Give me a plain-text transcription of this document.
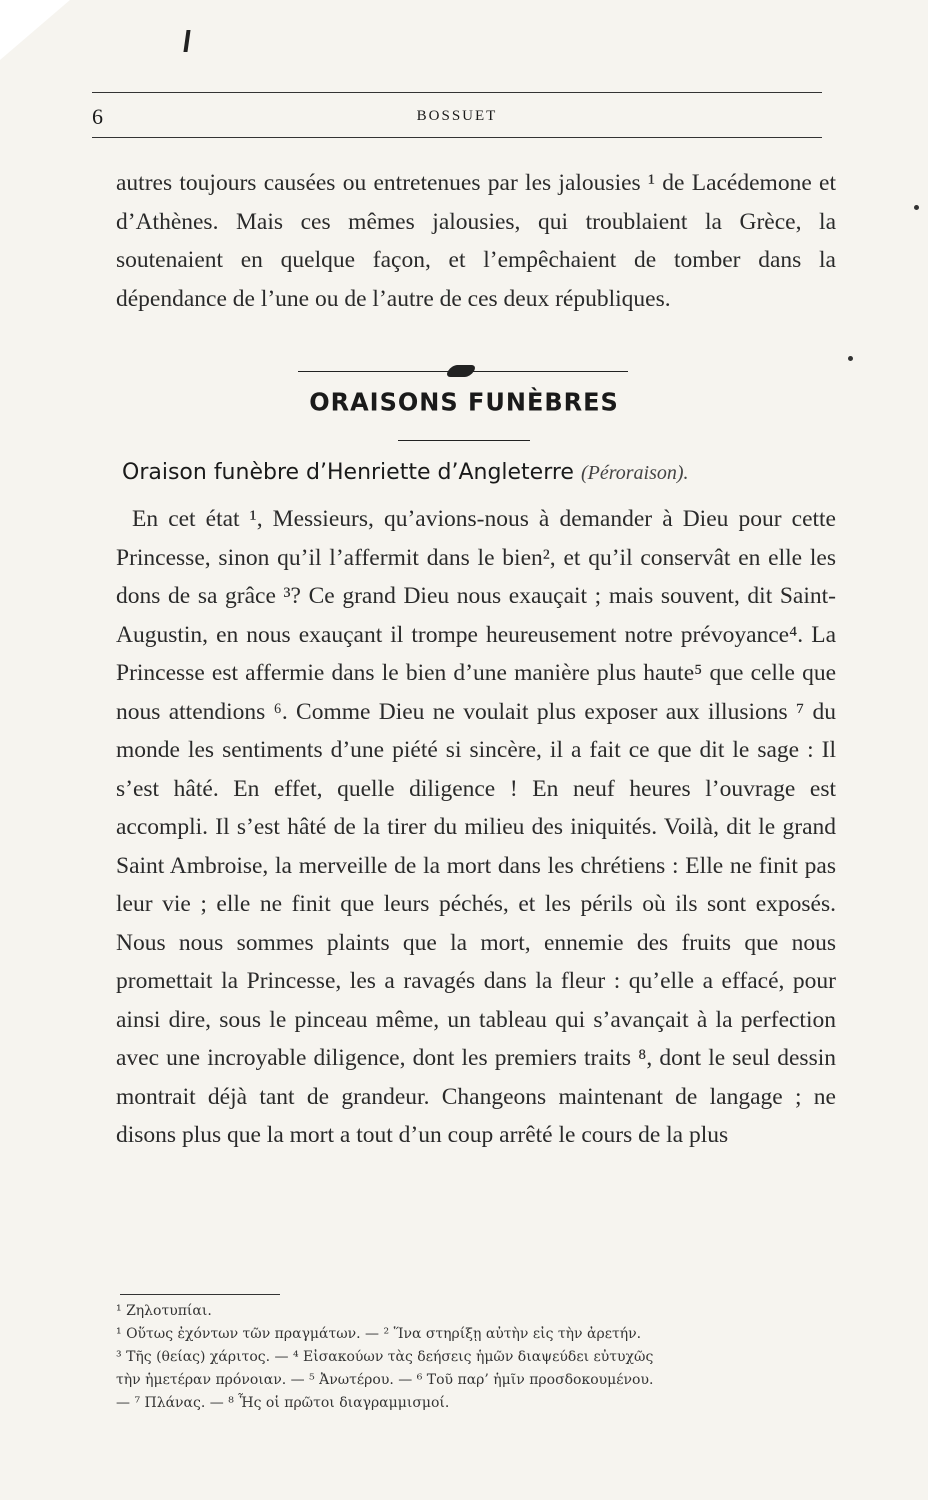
6	BOSSUET

autres toujours causées ou entretenues par les jalousies ¹ de Lacédemone et d’Athènes. Mais ces mêmes jalousies, qui troublaient la Grèce, la soutenaient en quelque façon, et l’empêchaient de tomber dans la dépendance de l’une ou de l’autre de ces deux républiques.

ORAISONS FUNÈBRES
Oraison funèbre d’Henriette d’Angleterre (Péroraison).

En cet état ¹, Messieurs, qu’avions-nous à demander à Dieu pour cette Princesse, sinon qu’il l’affermit dans le bien², et qu’il conservât en elle les dons de sa grâce ³? Ce grand Dieu nous exauçait ; mais souvent, dit Saint-Augustin, en nous exauçant il trompe heureusement notre prévoyance⁴. La Princesse est affermie dans le bien d’une manière plus haute⁵ que celle que nous attendions ⁶. Comme Dieu ne voulait plus exposer aux illusions ⁷ du monde les sentiments d’une piété si sincère, il a fait ce que dit le sage : Il s’est hâté. En effet, quelle diligence ! En neuf heures l’ouvrage est accompli. Il s’est hâté de la tirer du milieu des iniquités. Voilà, dit le grand Saint Ambroise, la merveille de la mort dans les chrétiens : Elle ne finit pas leur vie ; elle ne finit que leurs péchés, et les périls où ils sont exposés. Nous nous sommes plaints que la mort, ennemie des fruits que nous promettait la Princesse, les a ravagés dans la fleur : qu’elle a effacé, pour ainsi dire, sous le pinceau même, un tableau qui s’avançait à la perfection avec une incroyable diligence, dont les premiers traits ⁸, dont le seul dessin montrait déjà tant de grandeur. Changeons maintenant de langage ; ne disons plus que la mort a tout d’un coup arrêté le cours de la plus

¹ Ζηλοτυπίαι.
¹ Οὕτως ἐχόντων τῶν πραγμάτων. — ² Ἵνα στηρίξῃ αὐτὴν εἰς τὴν ἀρετήν.
³ Τῆς (θείας) χάριτος. — ⁴ Εἰσακούων τὰς δεήσεις ἡμῶν διαψεύδει εὐτυχῶς
τὴν ἡμετέραν πρόνοιαν. — ⁵ Ἀνωτέρου. — ⁶ Τοῦ παρ’ ἡμῖν προσδοκουμένου.
— ⁷ Πλάνας. — ⁸ Ἧς οἱ πρῶτοι διαγραμμισμοί.
